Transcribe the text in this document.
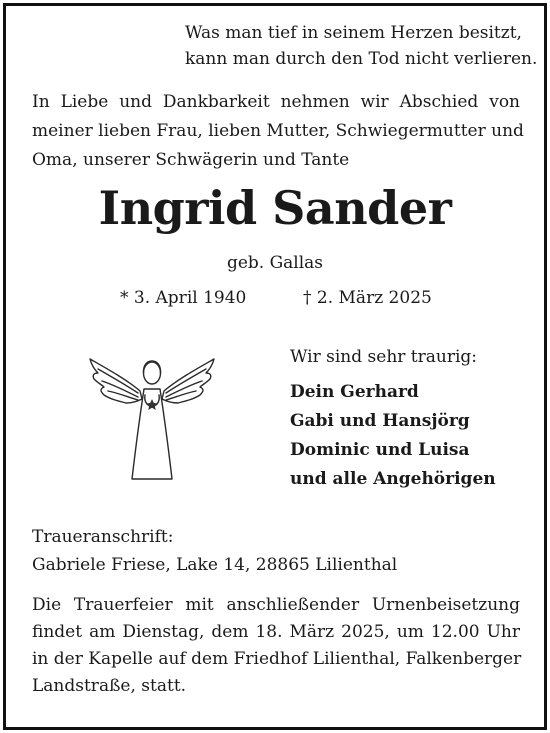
Was man tief in seinem Herzen besitzt,
kann man durch den Tod nicht verlieren.
In Liebe und Dankbarkeit nehmen wir Abschied von
meiner lieben Frau, lieben Mutter, Schwiegermutter und
Oma, unserer Schwägerin und Tante
Ingrid Sander
geb. Gallas
* 3. April 1940	† 2. März 2025
Wir sind sehr traurig:
Dein Gerhard
Gabi und Hansjörg
Dominic und Luisa
und alle Angehörigen
Traueranschrift:
Gabriele Friese, Lake 14, 28865 Lilienthal
Die Trauerfeier mit anschließender Urnenbeisetzung
findet am Dienstag, dem 18. März 2025, um 12.00 Uhr
in der Kapelle auf dem Friedhof Lilienthal, Falkenberger
Landstraße, statt.
